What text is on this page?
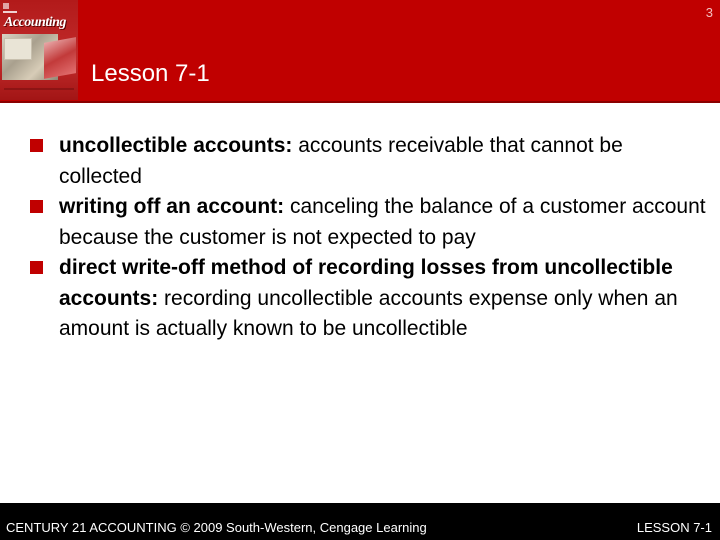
Accounting
3
Lesson 7-1
uncollectible accounts: accounts receivable that cannot be collected
writing off an account: canceling the balance of a customer account because the customer is not expected to pay
direct write-off method of recording losses from uncollectible accounts: recording uncollectible accounts expense only when an amount is actually known to be uncollectible
CENTURY 21 ACCOUNTING © 2009 South-Western, Cengage Learning	LESSON 7-1
